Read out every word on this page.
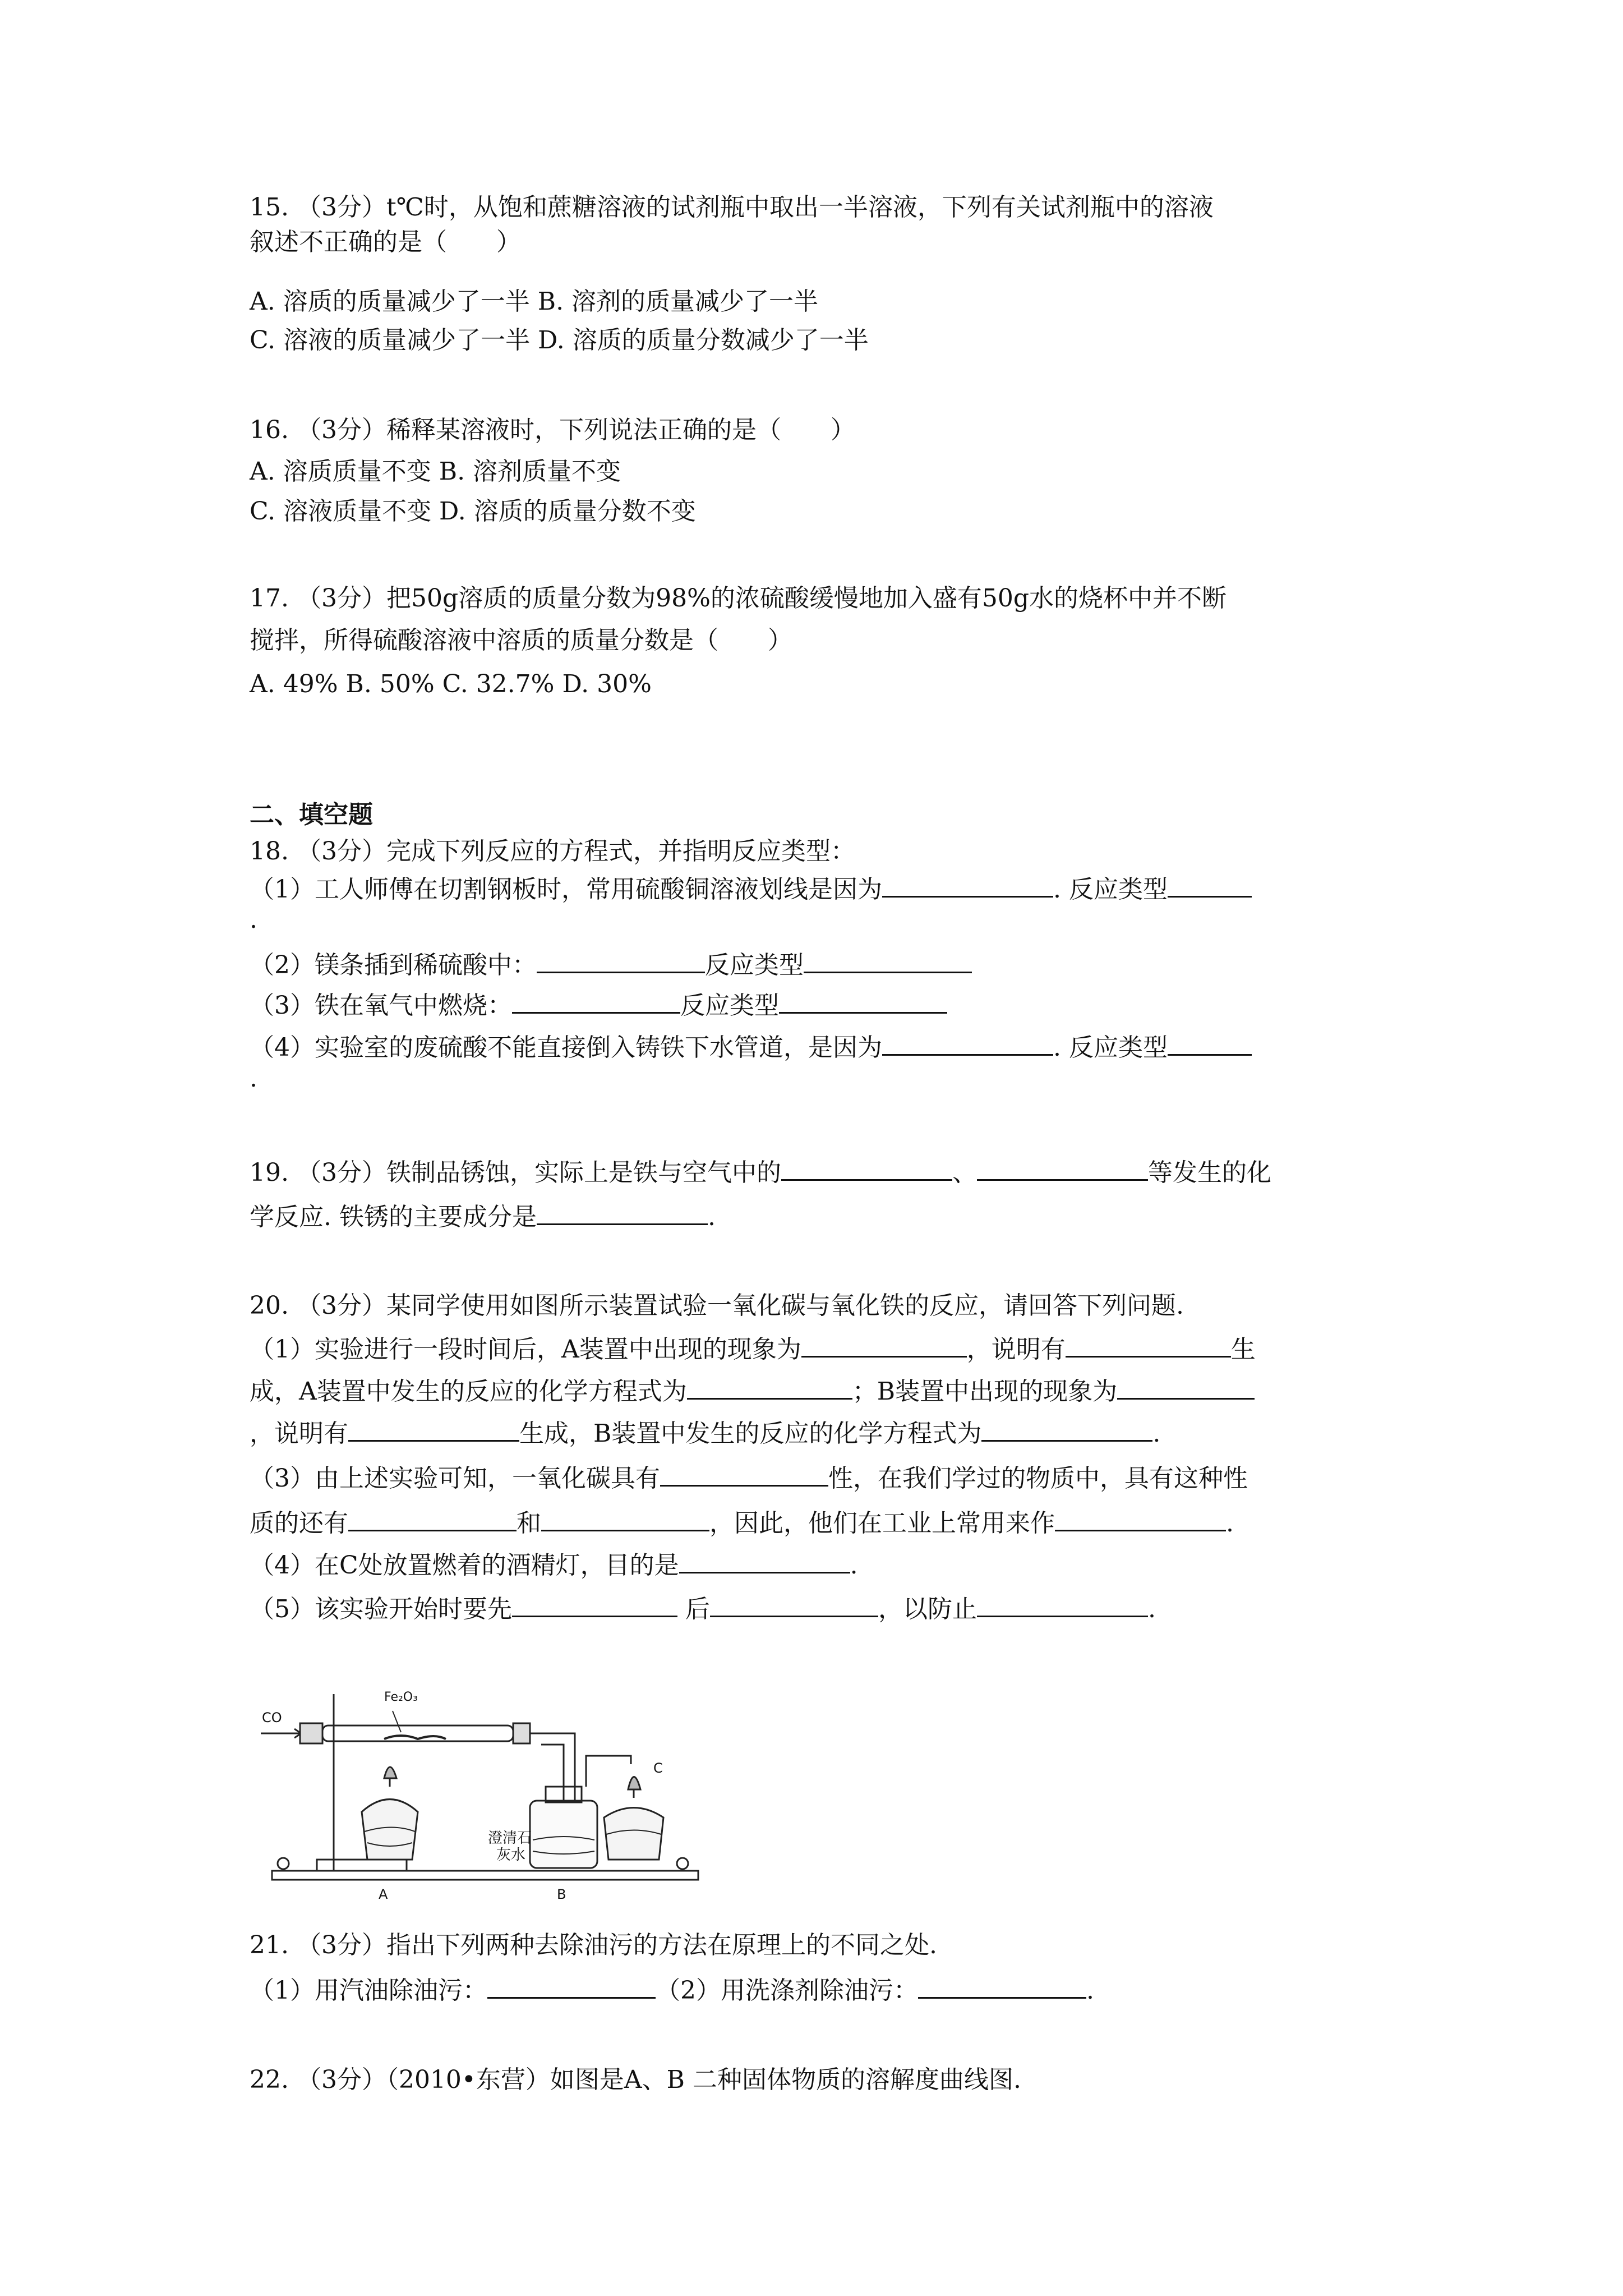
15. （3分）t℃时，从饱和蔗糖溶液的试剂瓶中取出一半溶液，下列有关试剂瓶中的溶液
叙述不正确的是（　　）
A. 溶质的质量减少了一半 B. 溶剂的质量减少了一半
C. 溶液的质量减少了一半 D. 溶质的质量分数减少了一半
16. （3分）稀释某溶液时，下列说法正确的是（　　）
A. 溶质质量不变 B. 溶剂质量不变
C. 溶液质量不变 D. 溶质的质量分数不变
17. （3分）把50g溶质的质量分数为98%的浓硫酸缓慢地加入盛有50g水的烧杯中并不断
搅拌，所得硫酸溶液中溶质的质量分数是（　　）
A. 49% B. 50% C. 32.7% D. 30%
二、填空题
18. （3分）完成下列反应的方程式，并指明反应类型：
（1）工人师傅在切割钢板时，常用硫酸铜溶液划线是因为	. 反应类型
.
（2）镁条插到稀硫酸中：	反应类型
（3）铁在氧气中燃烧：	反应类型
（4）实验室的废硫酸不能直接倒入铸铁下水管道，是因为	. 反应类型
.
19. （3分）铁制品锈蚀，实际上是铁与空气中的	、	等发生的化
学反应. 铁锈的主要成分是	.
20. （3分）某同学使用如图所示装置试验一氧化碳与氧化铁的反应，请回答下列问题.
（1）实验进行一段时间后，A装置中出现的现象为	，说明有	生
成，A装置中发生的反应的化学方程式为	；B装置中出现的现象为
，说明有	生成，B装置中发生的反应的化学方程式为	.
（3）由上述实验可知，一氧化碳具有	性，在我们学过的物质中，具有这种性
质的还有	和	，因此，他们在工业上常用来作	.
（4）在C处放置燃着的酒精灯，目的是	.
（5）该实验开始时要先	后	，以防止	.
CO
Fe₂O₃
澄清石
灰水
A	B
C
21. （3分）指出下列两种去除油污的方法在原理上的不同之处.
（1）用汽油除油污：	（2）用洗涤剂除油污：	.
22. （3分）（2010•东营）如图是A、B 二种固体物质的溶解度曲线图.
